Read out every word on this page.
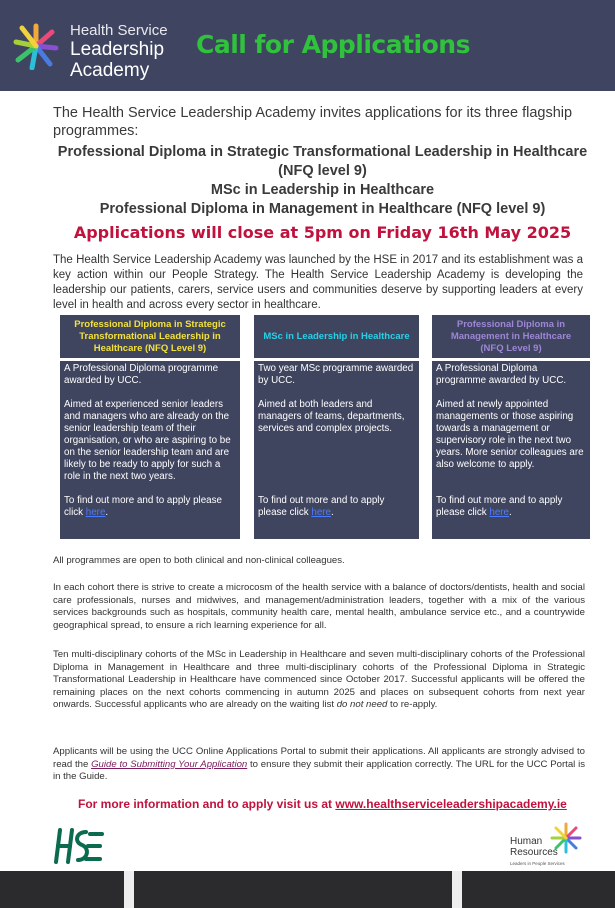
Health Service
Leadership
Academy
Call for Applications
The Health Service Leadership Academy invites applications for its three flagship programmes:
Professional Diploma in Strategic Transformational Leadership in Healthcare (NFQ level 9)
MSc in Leadership in Healthcare
Professional Diploma in Management in Healthcare (NFQ level 9)
Applications will close at 5pm on Friday 16th May 2025
The Health Service Leadership Academy was launched by the HSE in 2017 and its establishment was a key action within our People Strategy. The Health Service Leadership Academy is developing the leadership our patients, carers, service users and communities deserve by supporting leaders at every level in health and across every sector in healthcare.
Professional Diploma in Strategic Transformational Leadership in Healthcare (NFQ Level 9)

A Professional Diploma programme awarded by UCC.

Aimed at experienced senior leaders and managers who are already on the senior leadership team of their organisation, or who are aspiring to be on the senior leadership team and are likely to be ready to apply for such a role in the next two years.

To find out more and to apply please click here.

MSc in Leadership in Healthcare

Two year MSc programme awarded by UCC.

Aimed at both leaders and managers of teams, departments, services and complex projects.

To find out more and to apply please click here.

Professional Diploma in Management in Healthcare (NFQ Level 9)

A Professional Diploma programme awarded by UCC.

Aimed at newly appointed managements or those aspiring towards a management or supervisory role in the next two years. More senior colleagues are also welcome to apply.

To find out more and to apply please click here.

All programmes are open to both clinical and non-clinical colleagues.
In each cohort there is strive to create a microcosm of the health service with a balance of doctors/dentists, health and social care professionals, nurses and midwives, and management/administration leaders, together with a mix of the various services backgrounds such as hospitals, community health care, mental health, ambulance service etc., and a countrywide geographical spread, to ensure a rich learning experience for all.
Ten multi-disciplinary cohorts of the MSc in Leadership in Healthcare and seven multi-disciplinary cohorts of the Professional Diploma in Management in Healthcare and three multi-disciplinary cohorts of the Professional Diploma in Strategic Transformational Leadership in Healthcare have commenced since October 2017. Successful applicants will be offered the remaining places on the next cohorts commencing in autumn 2025 and places on subsequent cohorts from next year onwards. Successful applicants who are already on the waiting list do not need to re-apply.
Applicants will be using the UCC Online Applications Portal to submit their applications. All applicants are strongly advised to read the Guide to Submitting Your Application to ensure they submit their application correctly. The URL for the UCC Portal is in the Guide.
For more information and to apply visit us at www.healthserviceleadershipacademy.ie
Human
Resources
Leaders in People Services
